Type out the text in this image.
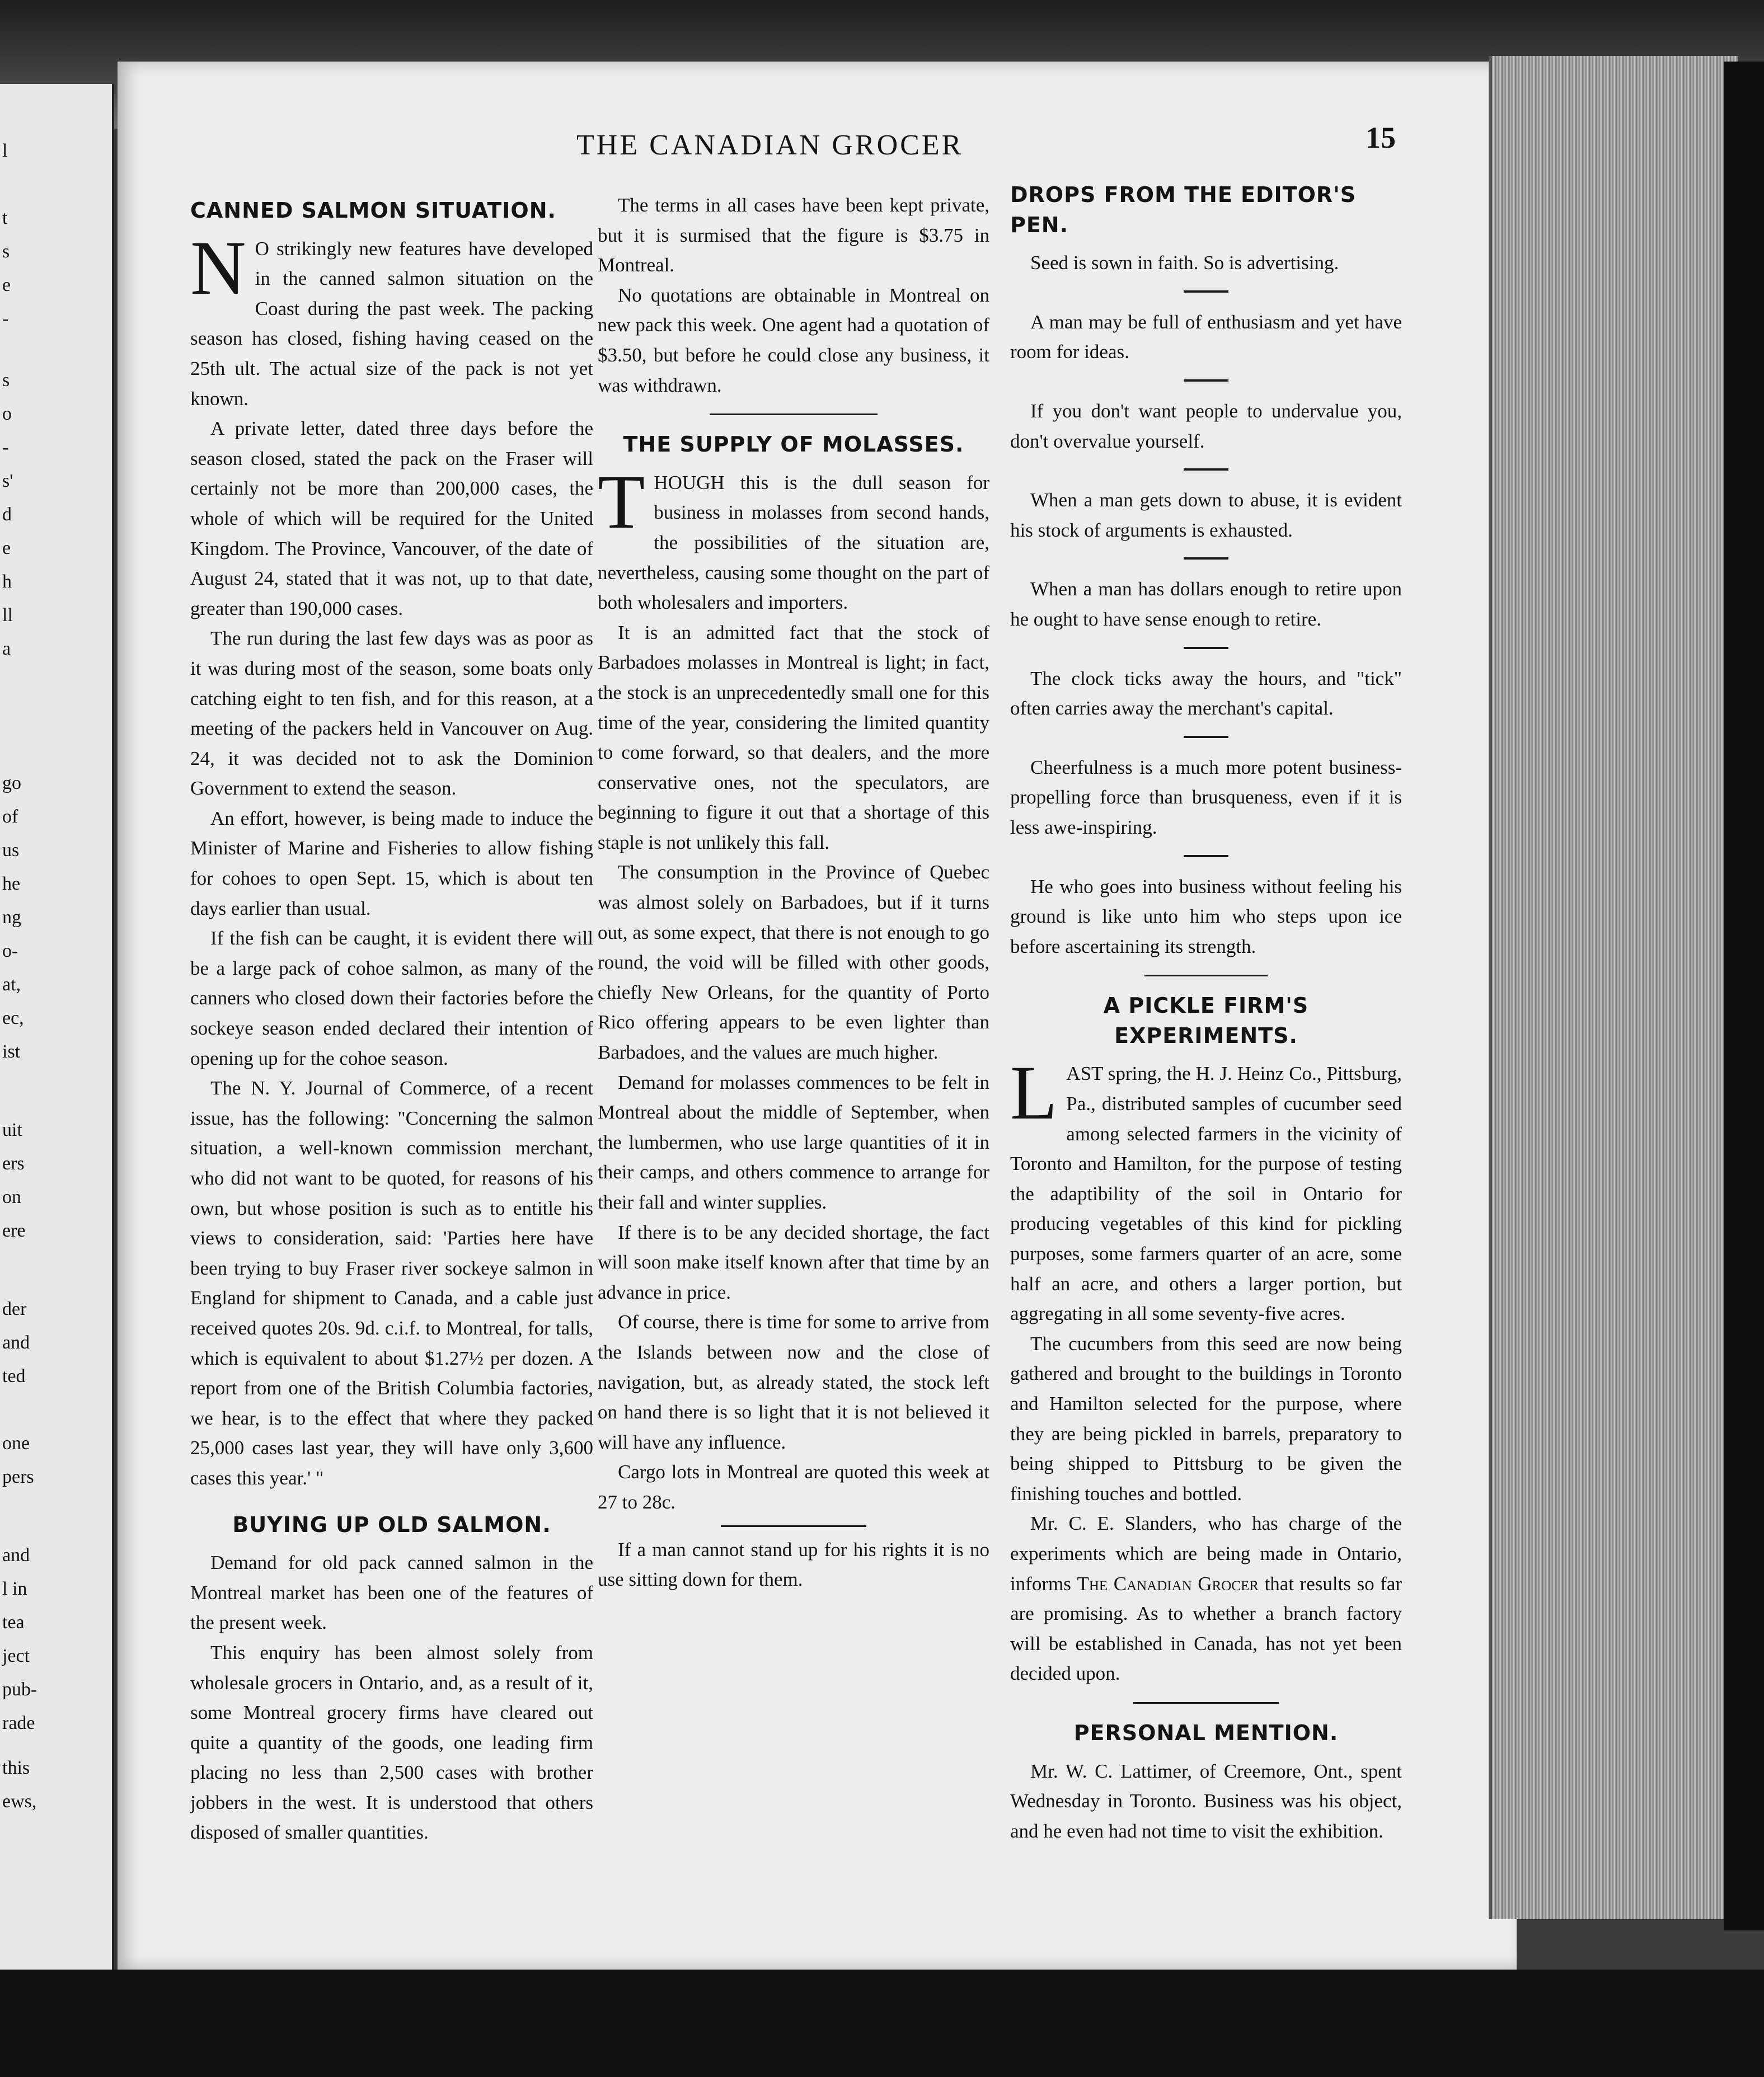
l
t
s
e
-
s
o
-
s'
d
e
h
ll
a
go
of
us
he
ng
o-
at,
ec,
ist
uit
ers
on
ere
der
and
ted
one
pers
and
l in
tea
ject
pub-
rade
this
ews,
THE CANADIAN GROCER	15
CANNED SALMON SITUATION.

N O strikingly new features have developed in the canned salmon situation on the Coast during the past week. The packing season has closed, fishing having ceased on the 25th ult. The actual size of the pack is not yet known.

A private letter, dated three days before the season closed, stated the pack on the Fraser will certainly not be more than 200,000 cases, the whole of which will be required for the United Kingdom. The Province, Vancouver, of the date of August 24, stated that it was not, up to that date, greater than 190,000 cases.

The run during the last few days was as poor as it was during most of the season, some boats only catching eight to ten fish, and for this reason, at a meeting of the packers held in Vancouver on Aug. 24, it was decided not to ask the Dominion Government to extend the season.

An effort, however, is being made to induce the Minister of Marine and Fisheries to allow fishing for cohoes to open Sept. 15, which is about ten days earlier than usual.

If the fish can be caught, it is evident there will be a large pack of cohoe salmon, as many of the canners who closed down their factories before the sockeye season ended declared their intention of opening up for the cohoe season.

The N. Y. Journal of Commerce, of a recent issue, has the following: "Concerning the salmon situation, a well-known commission merchant, who did not want to be quoted, for reasons of his own, but whose position is such as to entitle his views to consideration, said: 'Parties here have been trying to buy Fraser river sockeye salmon in England for shipment to Canada, and a cable just received quotes 20s. 9d. c.i.f. to Montreal, for talls, which is equivalent to about $1.27½ per dozen. A report from one of the British Columbia factories, we hear, is to the effect that where they packed 25,000 cases last year, they will have only 3,600 cases this year.' "

BUYING UP OLD SALMON.

Demand for old pack canned salmon in the Montreal market has been one of the features of the present week.

This enquiry has been almost solely from wholesale grocers in Ontario, and, as a result of it, some Montreal grocery firms have cleared out quite a quantity of the goods, one leading firm placing no less than 2,500 cases with brother jobbers in the west. It is understood that others disposed of smaller quantities.

The terms in all cases have been kept private, but it is surmised that the figure is $3.75 in Montreal.

No quotations are obtainable in Montreal on new pack this week. One agent had a quotation of $3.50, but before he could close any business, it was withdrawn.

THE SUPPLY OF MOLASSES.

THOUGH this is the dull season for business in molasses from second hands, the possibilities of the situation are, nevertheless, causing some thought on the part of both wholesalers and importers.

It is an admitted fact that the stock of Barbadoes molasses in Montreal is light; in fact, the stock is an unprecedentedly small one for this time of the year, considering the limited quantity to come forward, so that dealers, and the more conservative ones, not the speculators, are beginning to figure it out that a shortage of this staple is not unlikely this fall.

The consumption in the Province of Quebec was almost solely on Barbadoes, but if it turns out, as some expect, that there is not enough to go round, the void will be filled with other goods, chiefly New Orleans, for the quantity of Porto Rico offering appears to be even lighter than Barbadoes, and the values are much higher.

Demand for molasses commences to be felt in Montreal about the middle of September, when the lumbermen, who use large quantities of it in their camps, and others commence to arrange for their fall and winter supplies.

If there is to be any decided shortage, the fact will soon make itself known after that time by an advance in price.

Of course, there is time for some to arrive from the Islands between now and the close of navigation, but, as already stated, the stock left on hand there is so light that it is not believed it will have any influence.

Cargo lots in Montreal are quoted this week at 27 to 28c.

If a man cannot stand up for his rights it is no use sitting down for them.

DROPS FROM THE EDITOR'S PEN.

Seed is sown in faith. So is advertising.

A man may be full of enthusiasm and yet have room for ideas.

If you don't want people to undervalue you, don't overvalue yourself.

When a man gets down to abuse, it is evident his stock of arguments is exhausted.

When a man has dollars enough to retire upon he ought to have sense enough to retire.

The clock ticks away the hours, and "tick" often carries away the merchant's capital.

Cheerfulness is a much more potent business-propelling force than brusqueness, even if it is less awe-inspiring.

He who goes into business without feeling his ground is like unto him who steps upon ice before ascertaining its strength.

A PICKLE FIRM'S EXPERIMENTS.

LAST spring, the H. J. Heinz Co., Pittsburg, Pa., distributed samples of cucumber seed among selected farmers in the vicinity of Toronto and Hamilton, for the purpose of testing the adaptibility of the soil in Ontario for producing vegetables of this kind for pickling purposes, some farmers quarter of an acre, some half an acre, and others a larger portion, but aggregating in all some seventy-five acres.

The cucumbers from this seed are now being gathered and brought to the buildings in Toronto and Hamilton selected for the purpose, where they are being pickled in barrels, preparatory to being shipped to Pittsburg to be given the finishing touches and bottled.

Mr. C. E. Slanders, who has charge of the experiments which are being made in Ontario, informs The Canadian Grocer that results so far are promising. As to whether a branch factory will be established in Canada, has not yet been decided upon.

PERSONAL MENTION.

Mr. W. C. Lattimer, of Creemore, Ont., spent Wednesday in Toronto. Business was his object, and he even had not time to visit the exhibition.
